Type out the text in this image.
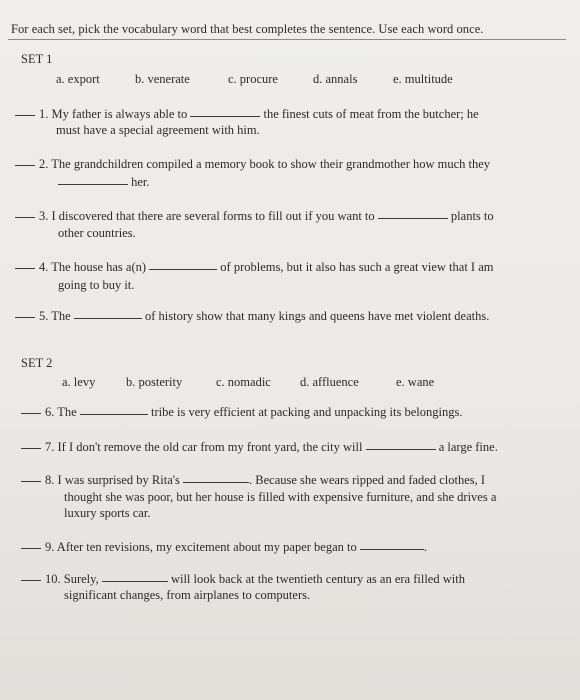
For each set, pick the vocabulary word that best completes the sentence. Use each word once.
SET 1
a. export	b. venerate	c. procure	d. annals	e. multitude
1. My father is always able to	the finest cuts of meat from the butcher; he
must have a special agreement with him.
2. The grandchildren compiled a memory book to show their grandmother how much they
her.
3. I discovered that there are several forms to fill out if you want to	plants to
other countries.
4. The house has a(n)	of problems, but it also has such a great view that I am
going to buy it.
5. The	of history show that many kings and queens have met violent deaths.
SET 2
a. levy b. posterity	c. nomadic d. affluence	e. wane
6. The	tribe is very efficient at packing and unpacking its belongings.
7. If I don't remove the old car from my front yard, the city will	a large fine.
8. I was surprised by Rita's	. Because she wears ripped and faded clothes, I
thought she was poor, but her house is filled with expensive furniture, and she drives a
luxury sports car.
9. After ten revisions, my excitement about my paper began to	.
10. Surely,	will look back at the twentieth century as an era filled with
significant changes, from airplanes to computers.
